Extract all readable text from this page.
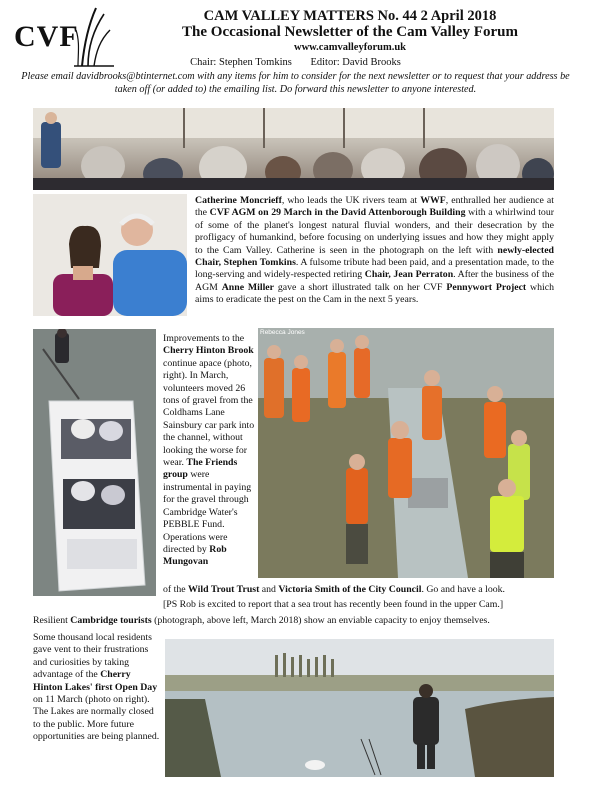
CVF
CAM VALLEY MATTERS No. 44 2 April 2018
The Occasional Newsletter of the Cam Valley Forum
www.camvalleyforum.uk
Chair: Stephen Tomkins Editor: David Brooks
Please email davidbrooks@btinternet.com with any items for him to consider for the next newsletter or to request that your address be taken off (or added to) the emailing list. Do forward this newsletter to anyone interested.
Catherine Moncrieff, who leads the UK rivers team at WWF, enthralled her audience at the CVF AGM on 29 March in the David Attenborough Building with a whirlwind tour of some of the planet's longest natural fluvial wonders, and their desecration by the profligacy of humankind, before focusing on underlying issues and how they might apply to the Cam Valley. Catherine is seen in the photograph on the left with newly-elected Chair, Stephen Tomkins. A fulsome tribute had been paid, and a presentation made, to the long-serving and widely-respected retiring Chair, Jean Perraton. After the business of the AGM Anne Miller gave a short illustrated talk on her CVF Pennywort Project which aims to eradicate the pest on the Cam in the next 5 years.
Improvements to the Cherry Hinton Brook continue apace (photo, right). In March, volunteers moved 26 tons of gravel from the Coldhams Lane Sainsbury car park into the channel, without looking the worse for wear. The Friends group were instrumental in paying for the gravel through Cambridge Water's PEBBLE Fund. Operations were directed by Rob Mungovan
Rebecca Jones
of the Wild Trout Trust and Victoria Smith of the City Council. Go and have a look.
[PS Rob is excited to report that a sea trout has recently been found in the upper Cam.]
Resilient Cambridge tourists (photograph, above left, March 2018) show an enviable capacity to enjoy themselves.
Some thousand local residents gave vent to their frustrations and curiosities by taking advantage of the Cherry Hinton Lakes' first Open Day on 11 March (photo on right). The Lakes are normally closed to the public. More future opportunities are being planned.
